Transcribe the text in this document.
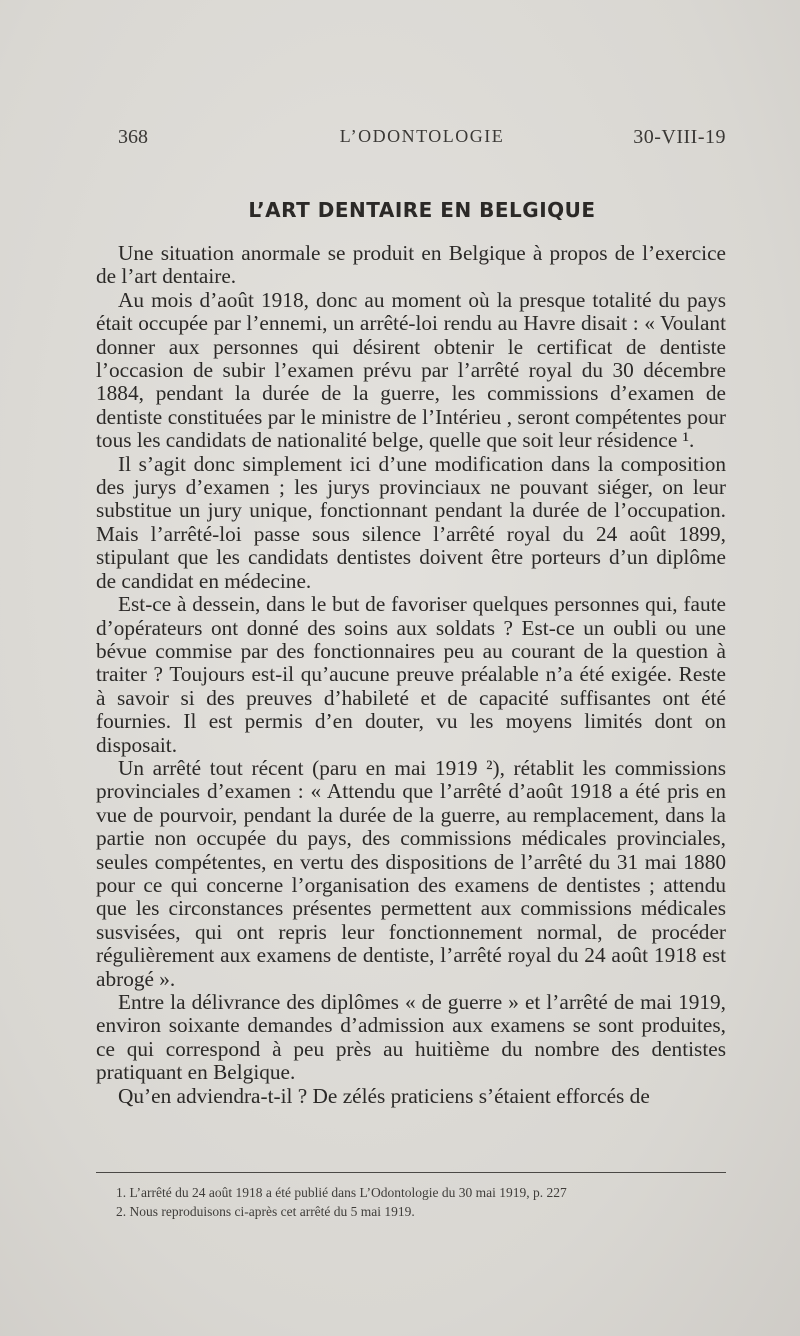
368	L’ODONTOLOGIE	30-VIII-19
L’ART DENTAIRE EN BELGIQUE

Une situation anormale se produit en Belgique à propos de l’exercice de l’art dentaire.

Au mois d’août 1918, donc au moment où la presque totalité du pays était occupée par l’ennemi, un arrêté-loi rendu au Havre disait : « Voulant donner aux personnes qui désirent obtenir le certificat de dentiste l’occasion de subir l’examen prévu par l’arrêté royal du 30 décembre 1884, pendant la durée de la guerre, les commissions d’examen de dentiste constituées par le ministre de l’Intérieu , seront compétentes pour tous les candidats de nationalité belge, quelle que soit leur résidence ¹.

Il s’agit donc simplement ici d’une modification dans la composition des jurys d’examen ; les jurys provinciaux ne pouvant siéger, on leur substitue un jury unique, fonctionnant pendant la durée de l’occupation. Mais l’arrêté-loi passe sous silence l’arrêté royal du 24 août 1899, stipulant que les candidats dentistes doivent être porteurs d’un diplôme de candidat en médecine.

Est-ce à dessein, dans le but de favoriser quelques personnes qui, faute d’opérateurs ont donné des soins aux soldats ? Est-ce un oubli ou une bévue commise par des fonctionnaires peu au courant de la question à traiter ? Toujours est-il qu’aucune preuve préalable n’a été exigée. Reste à savoir si des preuves d’habileté et de capacité suffisantes ont été fournies. Il est permis d’en douter, vu les moyens limités dont on disposait.

Un arrêté tout récent (paru en mai 1919 ²), rétablit les commissions provinciales d’examen : « Attendu que l’arrêté d’août 1918 a été pris en vue de pourvoir, pendant la durée de la guerre, au remplacement, dans la partie non occupée du pays, des commissions médicales provinciales, seules compétentes, en vertu des dispositions de l’arrêté du 31 mai 1880 pour ce qui concerne l’organisation des examens de dentistes ; attendu que les circonstances présentes permettent aux commissions médicales susvisées, qui ont repris leur fonctionnement normal, de procéder régulièrement aux examens de dentiste, l’arrêté royal du 24 août 1918 est abrogé ».

Entre la délivrance des diplômes « de guerre » et l’arrêté de mai 1919, environ soixante demandes d’admission aux examens se sont produites, ce qui correspond à peu près au huitième du nombre des dentistes pratiquant en Belgique.

Qu’en adviendra-t-il ? De zélés praticiens s’étaient efforcés de

1. L’arrêté du 24 août 1918 a été publié dans L’Odontologie du 30 mai 1919, p. 227

2. Nous reproduisons ci-après cet arrêté du 5 mai 1919.
